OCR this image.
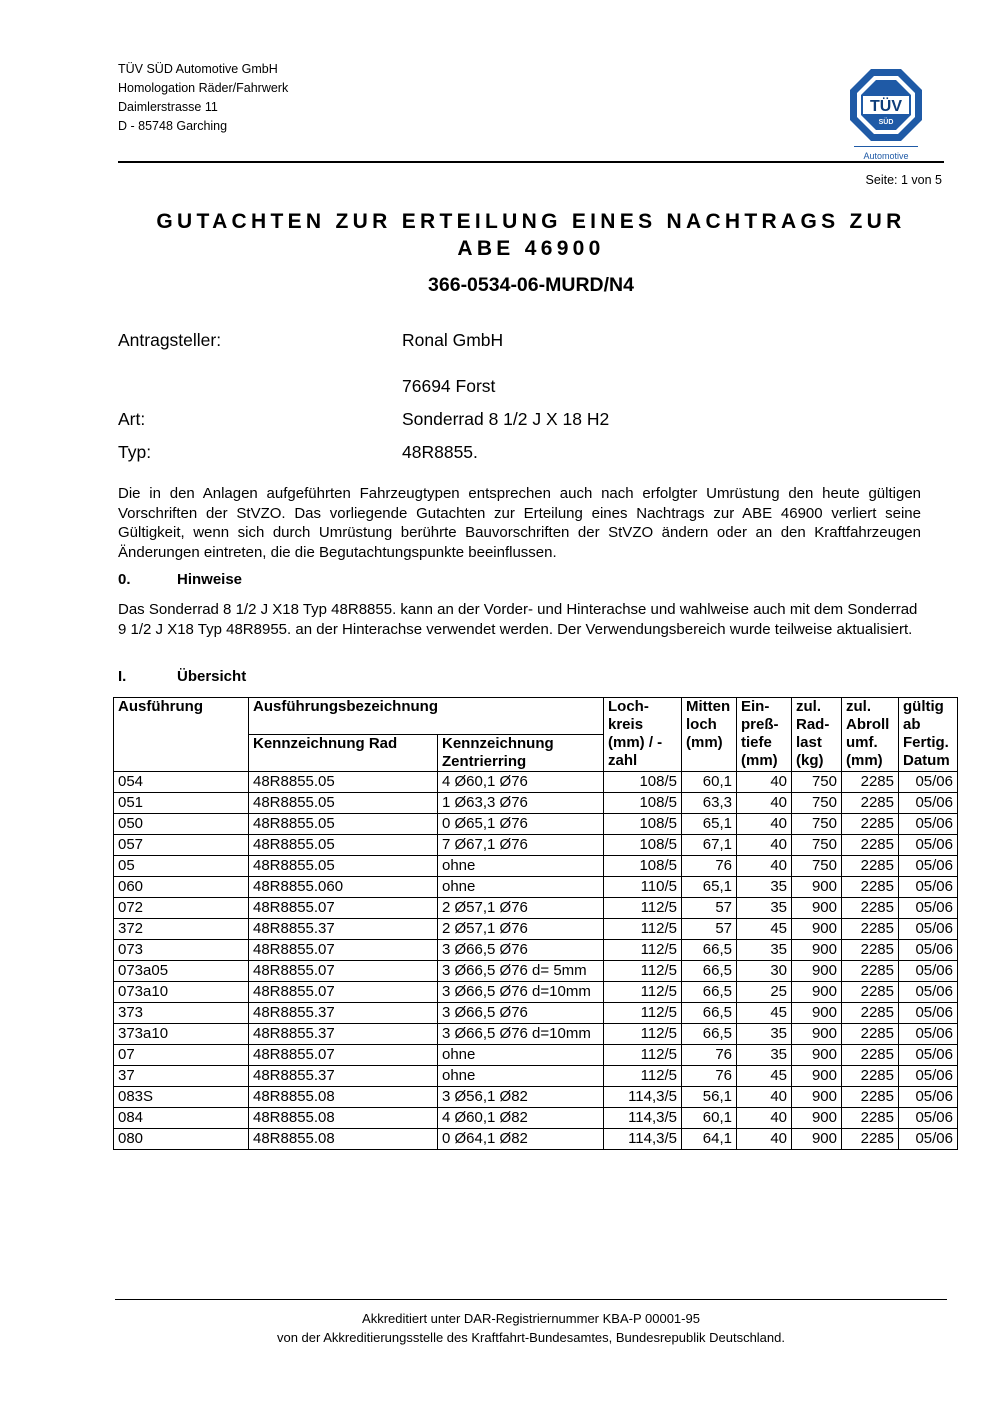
TÜV SÜD Automotive GmbH
Homologation Räder/Fahrwerk
Daimlerstrasse 11
D - 85748 Garching
TÜV
SÜD
Automotive
Seite: 1 von 5
GUTACHTEN ZUR ERTEILUNG EINES NACHTRAGS ZUR
ABE 46900
366-0534-06-MURD/N4
Antragsteller:	Ronal GmbH
76694 Forst
Art:	Sonderrad 8 1/2 J X 18 H2
Typ:	48R8855.
Die in den Anlagen aufgeführten Fahrzeugtypen entsprechen auch nach erfolgter Umrüstung den heute gültigen Vorschriften der StVZO. Das vorliegende Gutachten zur Erteilung eines Nachtrags zur ABE 46900 verliert seine Gültigkeit, wenn sich durch Umrüstung berührte Bauvorschriften der StVZO ändern oder an den Kraftfahrzeugen Änderungen eintreten, die die Begutachtungspunkte beeinflussen.
0.	Hinweise
Das Sonderrad 8 1/2 J X18 Typ 48R8855. kann an der Vorder- und Hinterachse und wahlweise auch mit dem Sonderrad 9 1/2 J X18 Typ 48R8955. an der Hinterachse verwendet werden. Der Verwendungsbereich wurde teilweise aktualisiert.
I.	Übersicht
Ausführung	Ausführungsbezeichnung		Loch-kreis (mm) / -zahl	Mitten loch (mm)	Ein-preß-tiefe (mm)	zul. Rad-last (kg)	zul. Abroll umf. (mm)	gültig ab Fertig. Datum
	Kennzeichnung Rad	Kennzeichnung Zentrierring						
054	48R8855.05	4 Ø60,1 Ø76	108/5	60,1	40	750	2285	05/06
051	48R8855.05	1 Ø63,3 Ø76	108/5	63,3	40	750	2285	05/06
050	48R8855.05	0 Ø65,1 Ø76	108/5	65,1	40	750	2285	05/06
057	48R8855.05	7 Ø67,1 Ø76	108/5	67,1	40	750	2285	05/06
05	48R8855.05	ohne	108/5	76	40	750	2285	05/06
060	48R8855.060	ohne	110/5	65,1	35	900	2285	05/06
072	48R8855.07	2 Ø57,1 Ø76	112/5	57	35	900	2285	05/06
372	48R8855.37	2 Ø57,1 Ø76	112/5	57	45	900	2285	05/06
073	48R8855.07	3 Ø66,5 Ø76	112/5	66,5	35	900	2285	05/06
073a05	48R8855.07	3 Ø66,5 Ø76 d= 5mm	112/5	66,5	30	900	2285	05/06
073a10	48R8855.07	3 Ø66,5 Ø76 d=10mm	112/5	66,5	25	900	2285	05/06
373	48R8855.37	3 Ø66,5 Ø76	112/5	66,5	45	900	2285	05/06
373a10	48R8855.37	3 Ø66,5 Ø76 d=10mm	112/5	66,5	35	900	2285	05/06
07	48R8855.07	ohne	112/5	76	35	900	2285	05/06
37	48R8855.37	ohne	112/5	76	45	900	2285	05/06
083S	48R8855.08	3 Ø56,1 Ø82	114,3/5	56,1	40	900	2285	05/06
084	48R8855.08	4 Ø60,1 Ø82	114,3/5	60,1	40	900	2285	05/06
080	48R8855.08	0 Ø64,1 Ø82	114,3/5	64,1	40	900	2285	05/06
Akkreditiert unter DAR-Registriernummer KBA-P 00001-95
von der Akkreditierungsstelle des Kraftfahrt-Bundesamtes, Bundesrepublik Deutschland.
